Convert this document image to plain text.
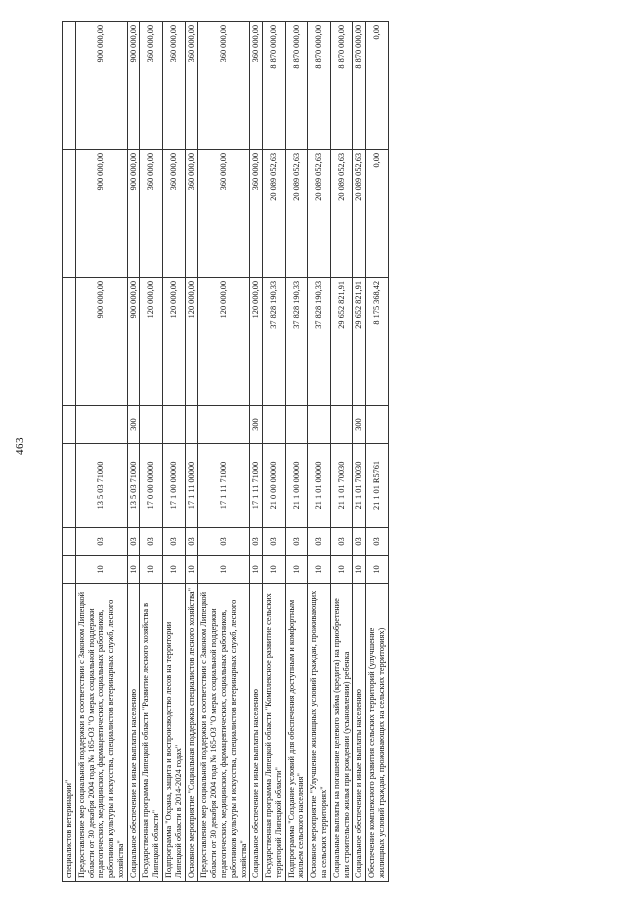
463
специалистов ветеринарии"							
Предоставление мер социальной поддержки в соответствии с Законом Липецкой области от 30 декабря 2004 года № 165-ОЗ "О мерах социальной поддержки педагогических, медицинских, фармацевтических, социальных работников, работников культуры и искусства, специалистов ветеринарных служб, лесного хозяйства"	10	03	13 5 03 71000		900 000,00	900 000,00	900 000,00
Социальное обеспечение и иные выплаты населению	10	03	13 5 03 71000	300	900 000,00	900 000,00	900 000,00
Государственная программа Липецкой области "Развитие лесного хозяйства в Липецкой области"	10	03	17 0 00 00000		120 000,00	360 000,00	360 000,00
Подпрограмма "Охрана, защита и воспроизводство лесов на территории Липецкой области в 2014-2024 годах"	10	03	17 1 00 00000		120 000,00	360 000,00	360 000,00
Основное мероприятие "Социальная поддержка специалистов лесного хозяйства"	10	03	17 1 11 00000		120 000,00	360 000,00	360 000,00
Предоставление мер социальной поддержки в соответствии с Законом Липецкой области от 30 декабря 2004 года № 165-ОЗ "О мерах социальной поддержки педагогических, медицинских, фармацевтических, социальных работников, работников культуры и искусства, специалистов ветеринарных служб, лесного хозяйства"	10	03	17 1 11 71000		120 000,00	360 000,00	360 000,00
Социальное обеспечение и иные выплаты населению	10	03	17 1 11 71000	300	120 000,00	360 000,00	360 000,00
Государственная программа Липецкой области "Комплексное развитие сельских территорий Липецкой области"	10	03	21 0 00 00000		37 828 190,33	20 089 052,63	8 870 000,00
Подпрограмма "Создание условий для обеспечения доступным и комфортным жильем сельского населения"	10	03	21 1 00 00000		37 828 190,33	20 089 052,63	8 870 000,00
Основное мероприятие "Улучшение жилищных условий граждан, проживающих на сельских территориях"	10	03	21 1 01 00000		37 828 190,33	20 089 052,63	8 870 000,00
Социальные выплаты на погашение целевого займа (кредита) на приобретение или строительство жилья при рождении (усыновлении) ребенка	10	03	21 1 01 70030		29 652 821,91	20 089 052,63	8 870 000,00
Социальное обеспечение и иные выплаты населению	10	03	21 1 01 70030	300	29 652 821,91	20 089 052,63	8 870 000,00
Обеспечение комплексного развития сельских территорий (улучшение жилищных условий граждан, проживающих на сельских территориях)	10	03	21 1 01 R5761		8 175 368,42	0,00	0,00
